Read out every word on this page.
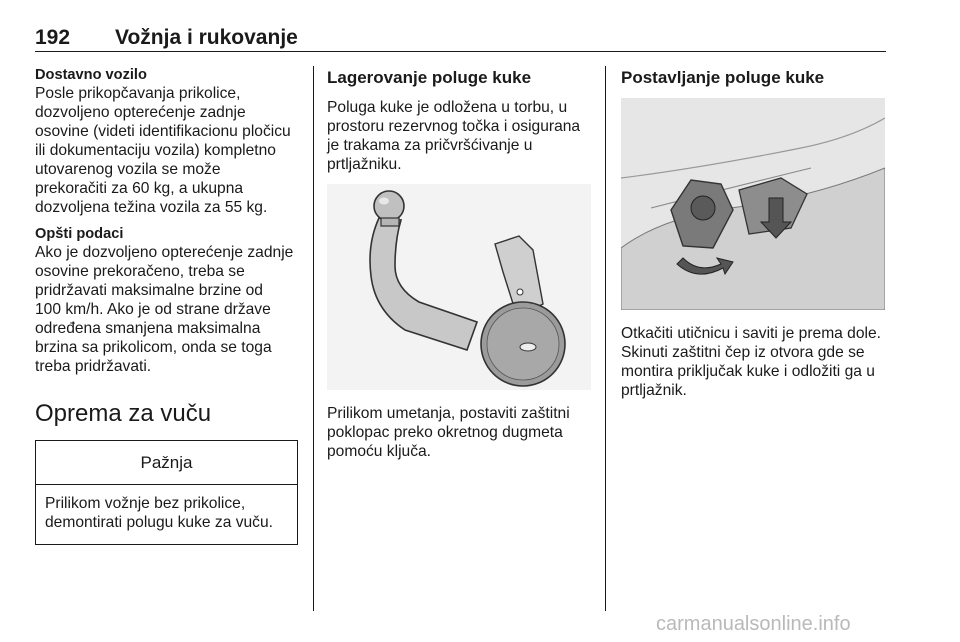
192 Vožnja i rukovanje
Dostavno vozilo
Posle prikopčavanja prikolice,
dozvoljeno opterećenje zadnje
osovine (videti identifikacionu pločicu
ili dokumentaciju vozila) kompletno
utovarenog vozila se može
prekoračiti za 60 kg, a ukupna
dozvoljena težina vozila za 55 kg.
Opšti podaci
Ako je dozvoljeno opterećenje zadnje
osovine prekoračeno, treba se
pridržavati maksimalne brzine od
100 km/h. Ako je od strane države
određena smanjena maksimalna
brzina sa prikolicom, onda se toga
treba pridržavati.
Oprema za vuču
Pažnja
Prilikom vožnje bez prikolice,
demontirati polugu kuke za vuču.
Lagerovanje poluge kuke
Poluga kuke je odložena u torbu, u
prostoru rezervnog točka i osigurana
je trakama za pričvršćivanje u
prtljažniku.
Prilikom umetanja, postaviti zaštitni
poklopac preko okretnog dugmeta
pomoću ključa.
Postavljanje poluge kuke
Otkačiti utičnicu i saviti je prema dole.
Skinuti zaštitni čep iz otvora gde se
montira priključak kuke i odložiti ga u
prtljažnik.
carmanualsonline.info
